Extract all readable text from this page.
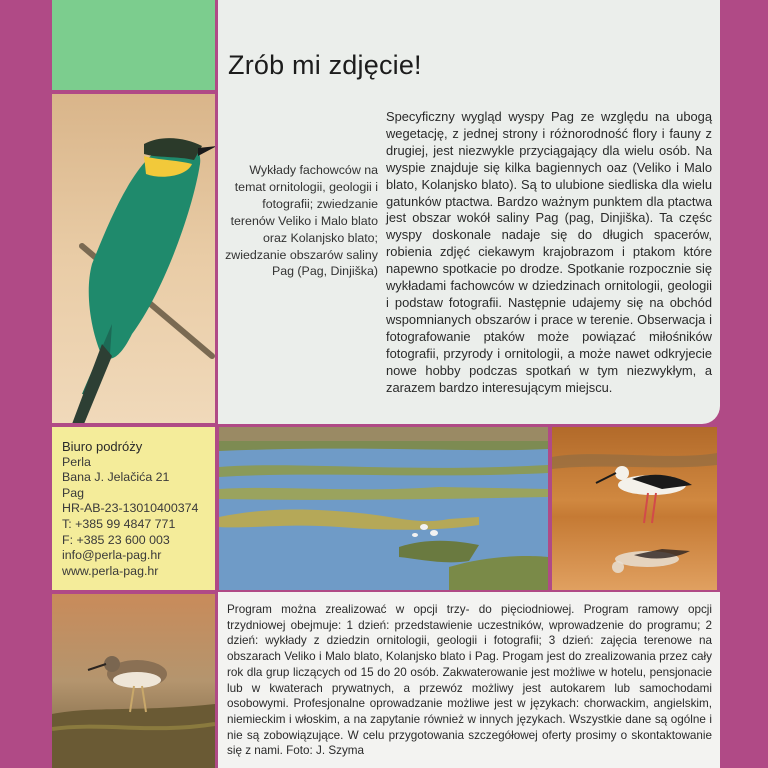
Zrób mi zdjęcie!

Wykłady fachowców na temat ornitologii, geologii i fotografii; zwiedzanie terenów Veliko i Malo blato oraz Kolanjsko blato; zwiedzanie obszarów saliny Pag (Pag, Dinjiška)

Specyficzny wygląd wyspy Pag ze względu na ubogą wegetację, z jednej strony i różnorodność flory i fauny z drugiej, jest niezwykle przyciągający dla wielu osób. Na wyspie znajduje się kilka bagiennych oaz (Veliko i Malo blato, Kolanjsko blato). Są to ulubione siedliska dla wielu gatunków ptactwa. Bardzo ważnym punktem dla ptactwa jest obszar wokół saliny Pag (pag, Dinjiška). Ta częśc wyspy doskonale nadaje się do długich spacerów, robienia zdjęć ciekawym krajobrazom i ptakom które napewno spotkacie po drodze. Spotkanie rozpocznie się wykładami fachowców w dziedzinach ornitologii, geologii i podstaw fotografii. Następnie udajemy się na obchód wspomnianych obszarów i prace w terenie. Obserwacja i fotografowanie ptaków może powiązać miłośników fotografii, przyrody i ornitologii, a może nawet odkryjecie nowe hobby podczas spotkań w tym niezwykłym, a zarazem bardzo interesującym miejscu.

Biuro podróży
Perla
Bana J. Jelačića 21
Pag
HR-AB-23-13010400374
T: +385 99 4847 771
F: +385 23 600 003
info@perla-pag.hr
www.perla-pag.hr

Program można zrealizować w opcji trzy- do pięciodniowej. Program ramowy opcji trzydniowej obejmuje: 1 dzień: przedstawienie uczestników, wprowadzenie do programu; 2 dzień: wykłady z dziedzin ornitologii, geologii i fotografii; 3 dzień: zajęcia terenowe na obszarach Veliko i Malo blato, Kolanjsko blato i Pag. Progam jest do zrealizowania przez cały rok dla grup liczących od 15 do 20 osób. Zakwaterowanie jest możliwe w hotelu, pensjonacie lub w kwaterach prywatnych, a przewóz możliwy jest autokarem lub samochodami osobowymi. Profesjonalne oprowadzanie możliwe jest w językach: chorwackim, angielskim, niemieckim i włoskim, a na zapytanie również w innych językach. Wszystkie dane są ogólne i nie są zobowiązujące. W celu przygotowania szczegółowej oferty prosimy o skontaktowanie się z nami. Foto: J. Szyma
